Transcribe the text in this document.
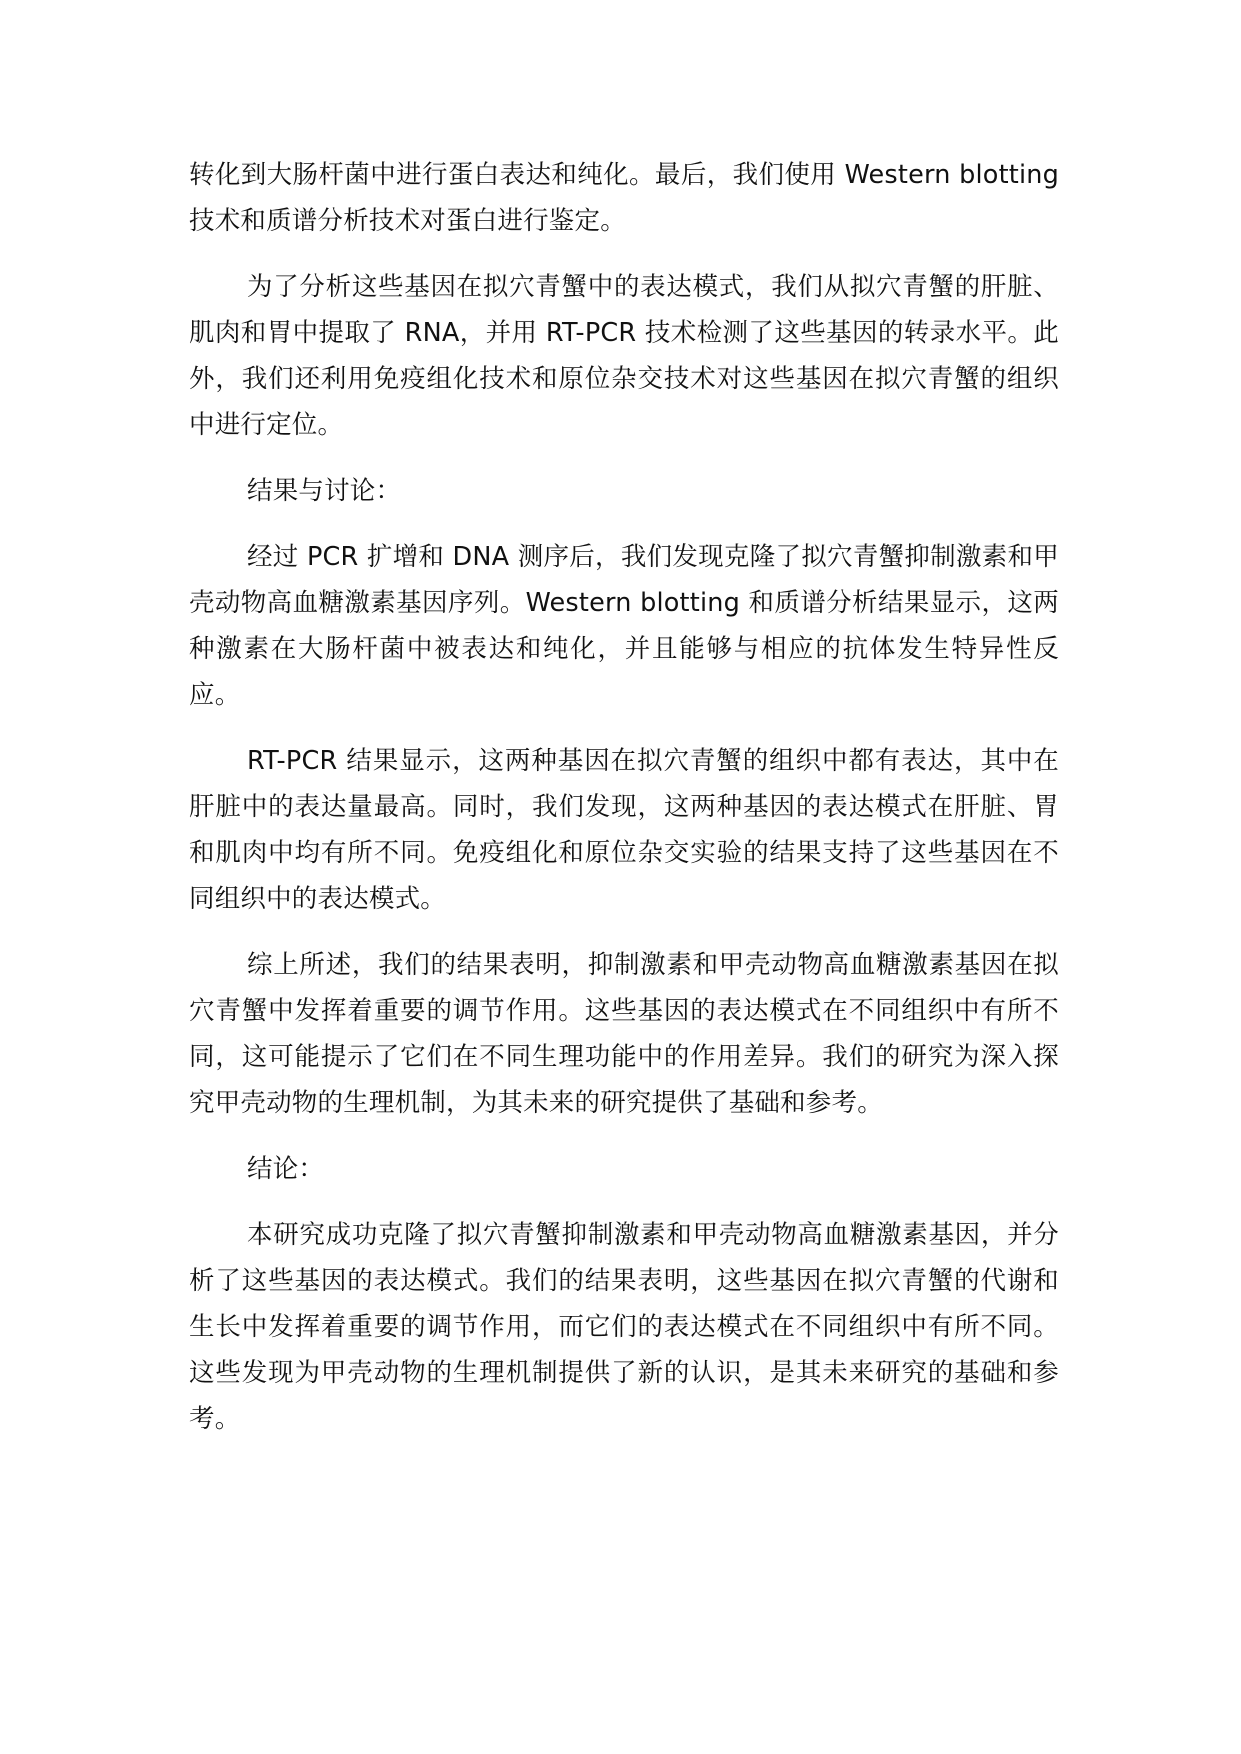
转化到大肠杆菌中进行蛋白表达和纯化。最后，我们使用 Western blotting 技术和质谱分析技术对蛋白进行鉴定。

为了分析这些基因在拟穴青蟹中的表达模式，我们从拟穴青蟹的肝脏、肌肉和胃中提取了 RNA，并用 RT-PCR 技术检测了这些基因的转录水平。此外，我们还利用免疫组化技术和原位杂交技术对这些基因在拟穴青蟹的组织中进行定位。

结果与讨论：

经过 PCR 扩增和 DNA 测序后，我们发现克隆了拟穴青蟹抑制激素和甲壳动物高血糖激素基因序列。Western blotting 和质谱分析结果显示，这两种激素在大肠杆菌中被表达和纯化，并且能够与相应的抗体发生特异性反应。

RT-PCR 结果显示，这两种基因在拟穴青蟹的组织中都有表达，其中在肝脏中的表达量最高。同时，我们发现，这两种基因的表达模式在肝脏、胃和肌肉中均有所不同。免疫组化和原位杂交实验的结果支持了这些基因在不同组织中的表达模式。

综上所述，我们的结果表明，抑制激素和甲壳动物高血糖激素基因在拟穴青蟹中发挥着重要的调节作用。这些基因的表达模式在不同组织中有所不同，这可能提示了它们在不同生理功能中的作用差异。我们的研究为深入探究甲壳动物的生理机制，为其未来的研究提供了基础和参考。

结论：

本研究成功克隆了拟穴青蟹抑制激素和甲壳动物高血糖激素基因，并分析了这些基因的表达模式。我们的结果表明，这些基因在拟穴青蟹的代谢和生长中发挥着重要的调节作用，而它们的表达模式在不同组织中有所不同。这些发现为甲壳动物的生理机制提供了新的认识，是其未来研究的基础和参考。
